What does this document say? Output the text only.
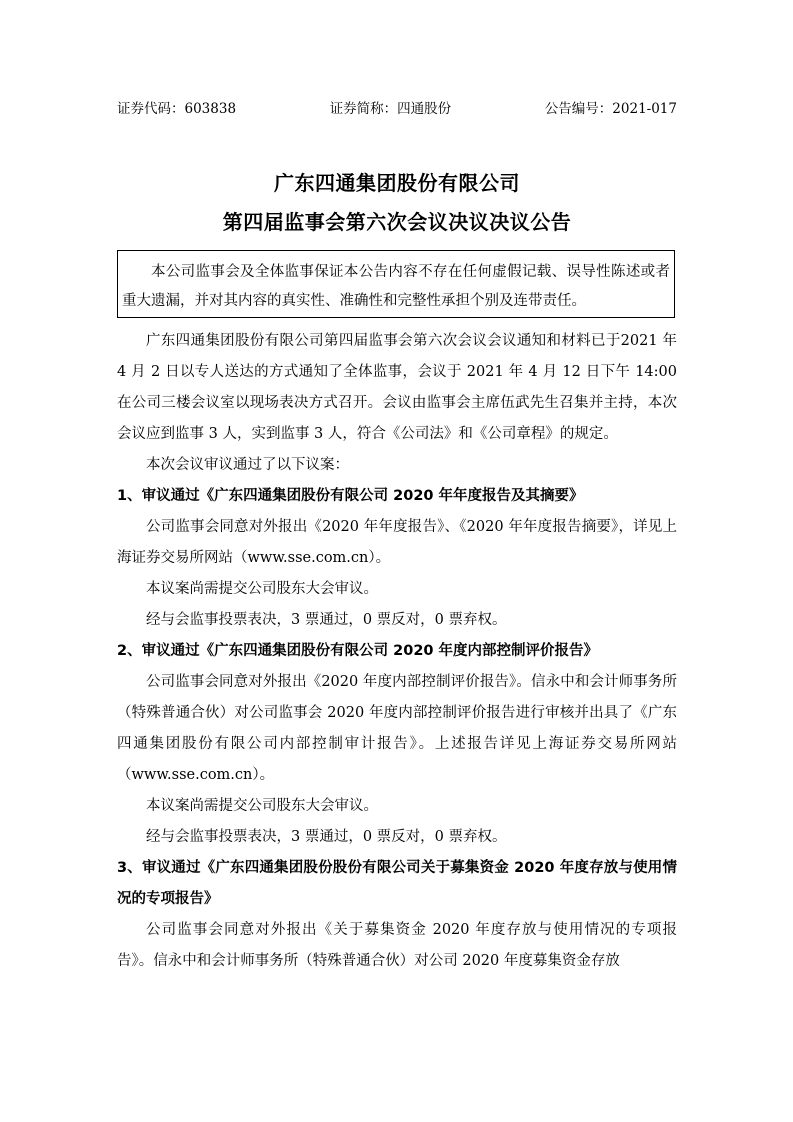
证券代码：603838	证券简称：四通股份	公告编号：2021-017
广东四通集团股份有限公司
第四届监事会第六次会议决议决议公告
本公司监事会及全体监事保证本公告内容不存在任何虚假记载、误导性陈述或者重大遗漏，并对其内容的真实性、准确性和完整性承担个别及连带责任。

广东四通集团股份有限公司第四届监事会第六次会议会议通知和材料已于2021 年 4 月 2 日以专人送达的方式通知了全体监事，会议于 2021 年 4 月 12 日下午 14:00 在公司三楼会议室以现场表决方式召开。会议由监事会主席伍武先生召集并主持，本次会议应到监事 3 人，实到监事 3 人，符合《公司法》和《公司章程》的规定。

本次会议审议通过了以下议案：

1、审议通过《广东四通集团股份有限公司 2020 年年度报告及其摘要》

公司监事会同意对外报出《2020 年年度报告》、《2020 年年度报告摘要》，详见上海证券交易所网站（www.sse.com.cn）。

本议案尚需提交公司股东大会审议。

经与会监事投票表决，3 票通过，0 票反对，0 票弃权。

2、审议通过《广东四通集团股份有限公司 2020 年度内部控制评价报告》

公司监事会同意对外报出《2020 年度内部控制评价报告》。信永中和会计师事务所（特殊普通合伙）对公司监事会 2020 年度内部控制评价报告进行审核并出具了《广东四通集团股份有限公司内部控制审计报告》。上述报告详见上海证券交易所网站（www.sse.com.cn）。

本议案尚需提交公司股东大会审议。

经与会监事投票表决，3 票通过，0 票反对，0 票弃权。

3、审议通过《广东四通集团股份股份有限公司关于募集资金 2020 年度存放与使用情况的专项报告》

公司监事会同意对外报出《关于募集资金 2020 年度存放与使用情况的专项报告》。信永中和会计师事务所（特殊普通合伙）对公司 2020 年度募集资金存放
